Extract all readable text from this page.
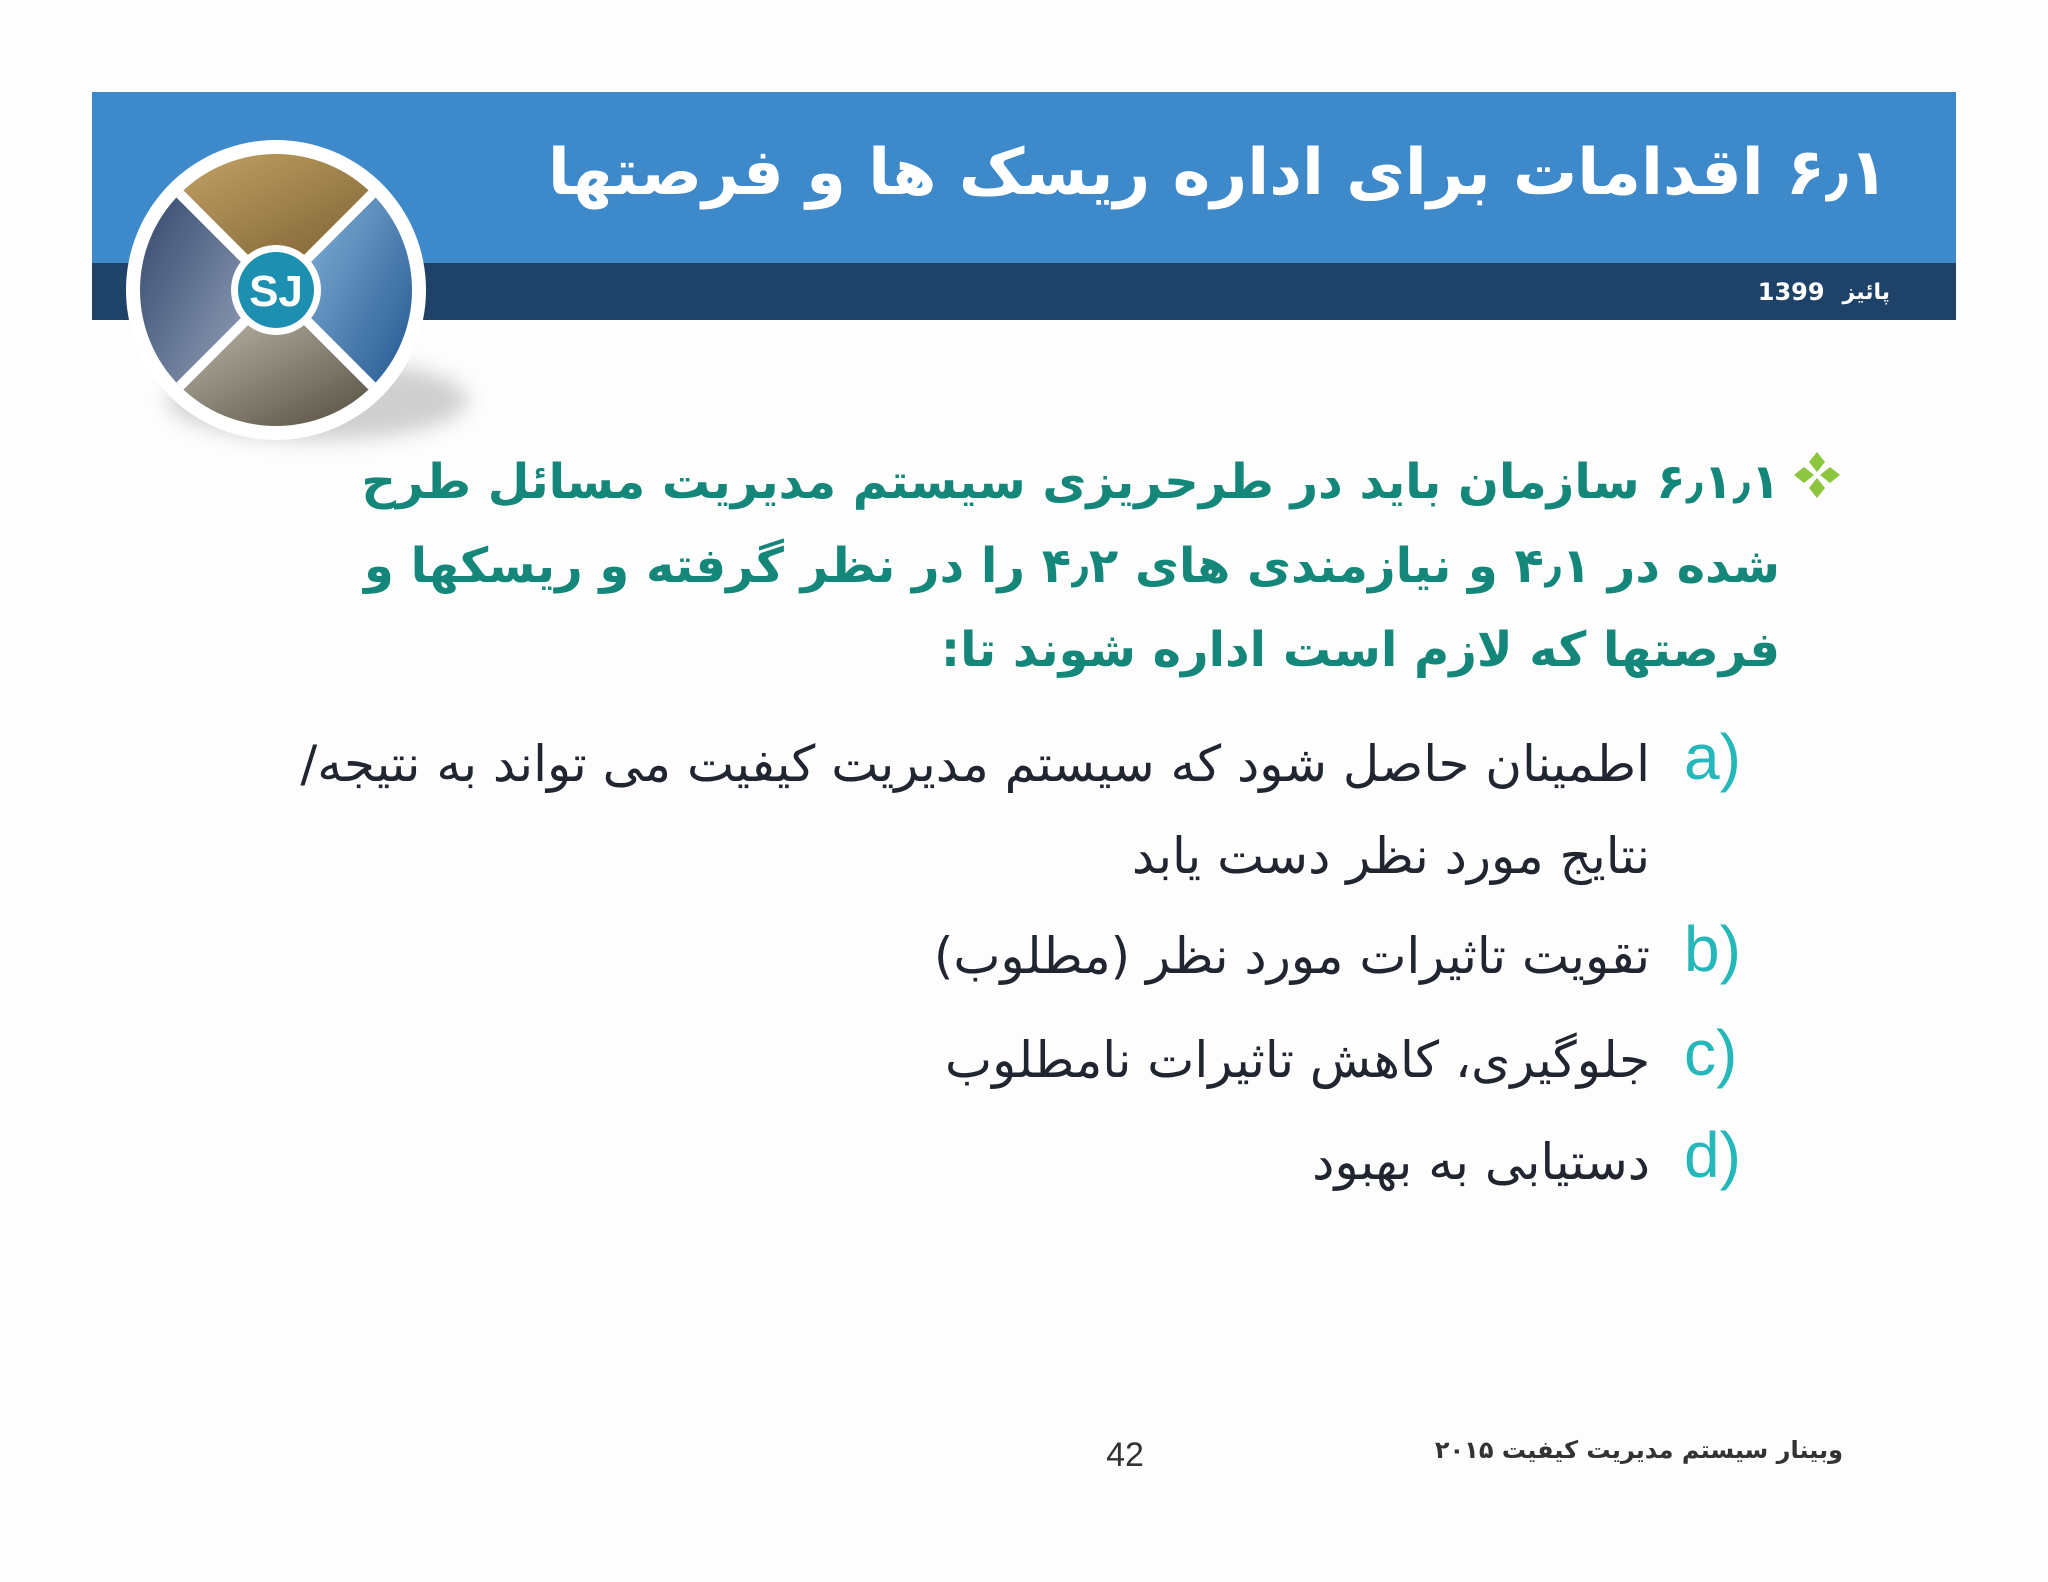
۶٫۱ اقدامات برای اداره ریسک ها و فرصتها
پائیز
1399
SJ
۶٫۱٫۱ سازمان باید در طرحریزی سیستم مدیریت مسائل طرح شده در ۴٫۱ و نیازمندی های ۴٫۲ را در نظر گرفته و ریسکها و فرصتها که لازم است اداره شوند تا:
a)
اطمینان حاصل شود که سیستم مدیریت کیفیت می تواند به نتیجه/نتایج مورد نظر دست یابد
b)
تقویت تاثیرات مورد نظر (مطلوب)
c)
جلوگیری، کاهش تاثیرات نامطلوب
d)
دستیابی به بهبود
42	وبینار سیستم مدیریت کیفیت ۲۰۱۵
